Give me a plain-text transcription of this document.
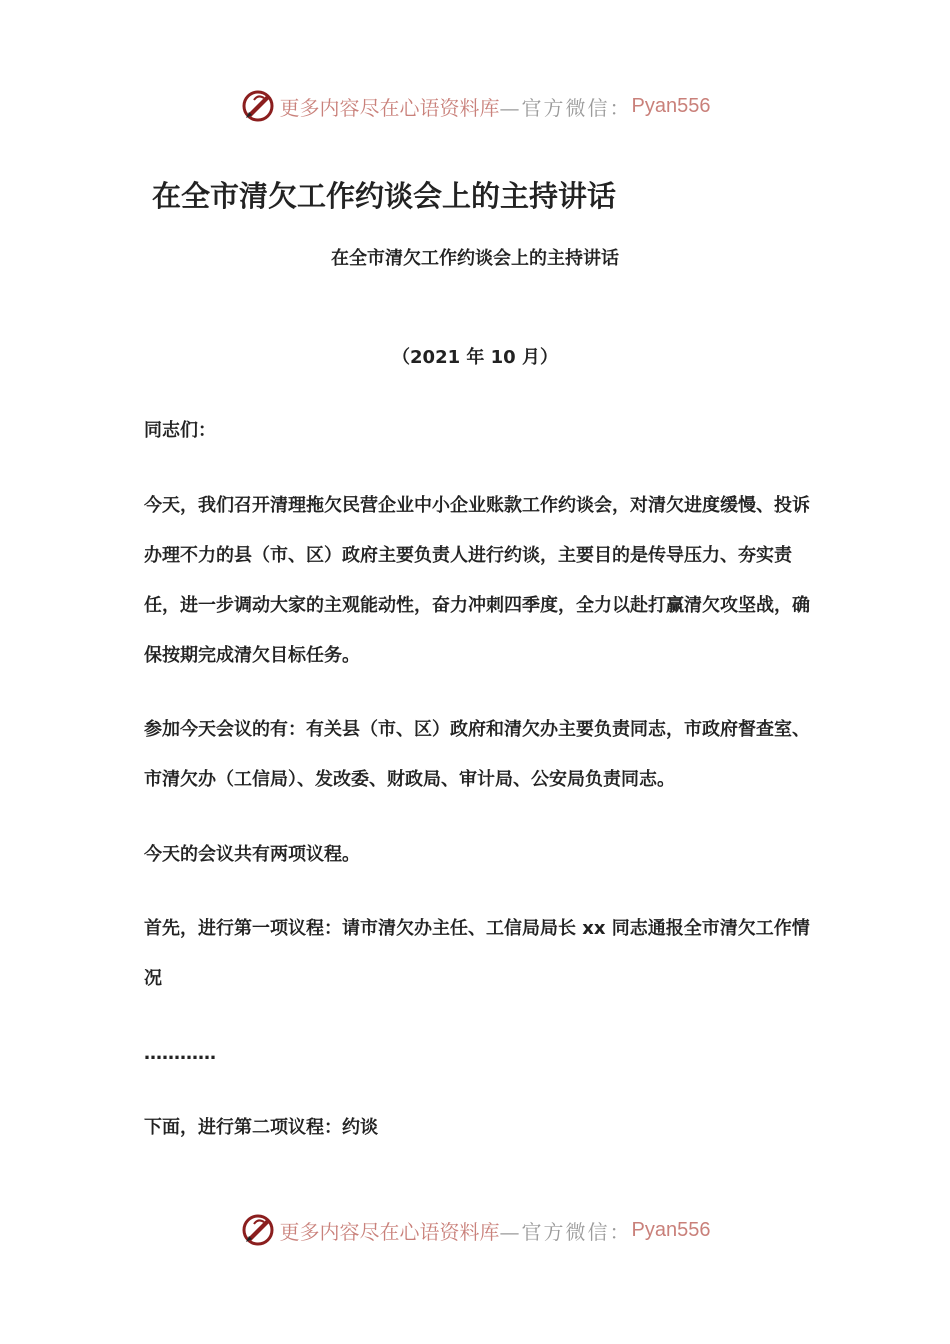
更多内容尽在心语资料库 —官方微信： Pyan556
在全市清欠工作约谈会上的主持讲话

在全市清欠工作约谈会上的主持讲话

（2021 年 10 月）

同志们：

今天，我们召开清理拖欠民营企业中小企业账款工作约谈会，对清欠进度缓慢、投诉办理不力的县（市、区）政府主要负责人进行约谈，主要目的是传导压力、夯实责任，进一步调动大家的主观能动性，奋力冲刺四季度，全力以赴打赢清欠攻坚战，确保按期完成清欠目标任务。

参加今天会议的有：有关县（市、区）政府和清欠办主要负责同志，市政府督查室、市清欠办（工信局）、发改委、财政局、审计局、公安局负责同志。

今天的会议共有两项议程。

首先，进行第一项议程：请市清欠办主任、工信局局长 xx 同志通报全市清欠工作情况

…………

下面，进行第二项议程：约谈

更多内容尽在心语资料库 —官方微信： Pyan556
